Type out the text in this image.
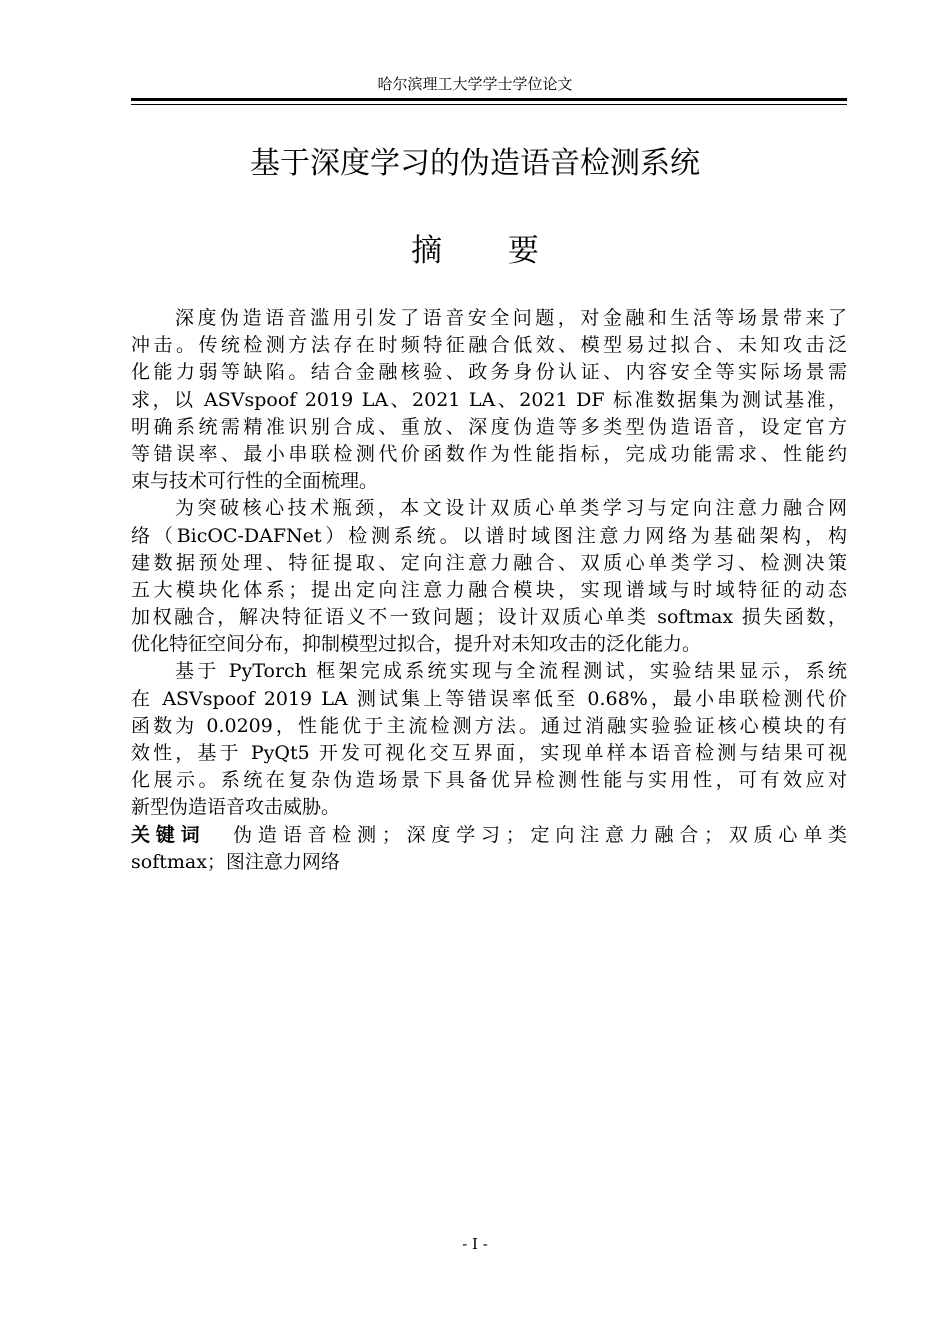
哈尔滨理工大学学士学位论文
基于深度学习的伪造语音检测系统
摘 要
深度伪造语音滥用引发了语音安全问题，对金融和生活等场景带来了
冲击。传统检测方法存在时频特征融合低效、模型易过拟合、未知攻击泛
化能力弱等缺陷。结合金融核验、政务身份认证、内容安全等实际场景需
求，以 ASVspoof 2019 LA、2021 LA、2021 DF 标准数据集为测试基准，
明确系统需精准识别合成、重放、深度伪造等多类型伪造语音，设定官方
等错误率、最小串联检测代价函数作为性能指标，完成功能需求、性能约
束与技术可行性的全面梳理。
为突破核心技术瓶颈，本文设计双质心单类学习与定向注意力融合网
络（BicOC-DAFNet）检测系统。以谱时域图注意力网络为基础架构，构
建数据预处理、特征提取、定向注意力融合、双质心单类学习、检测决策
五大模块化体系；提出定向注意力融合模块，实现谱域与时域特征的动态
加权融合，解决特征语义不一致问题；设计双质心单类 softmax 损失函数，
优化特征空间分布，抑制模型过拟合，提升对未知攻击的泛化能力。
基于 PyTorch 框架完成系统实现与全流程测试，实验结果显示，系统
在 ASVspoof 2019 LA 测试集上等错误率低至 0.68%，最小串联检测代价
函数为 0.0209，性能优于主流检测方法。通过消融实验验证核心模块的有
效性，基于 PyQt5 开发可视化交互界面，实现单样本语音检测与结果可视
化展示。系统在复杂伪造场景下具备优异检测性能与实用性，可有效应对
新型伪造语音攻击威胁。
关键词 伪造语音检测；深度学习；定向注意力融合；双质心单类
softmax；图注意力网络
- I -
